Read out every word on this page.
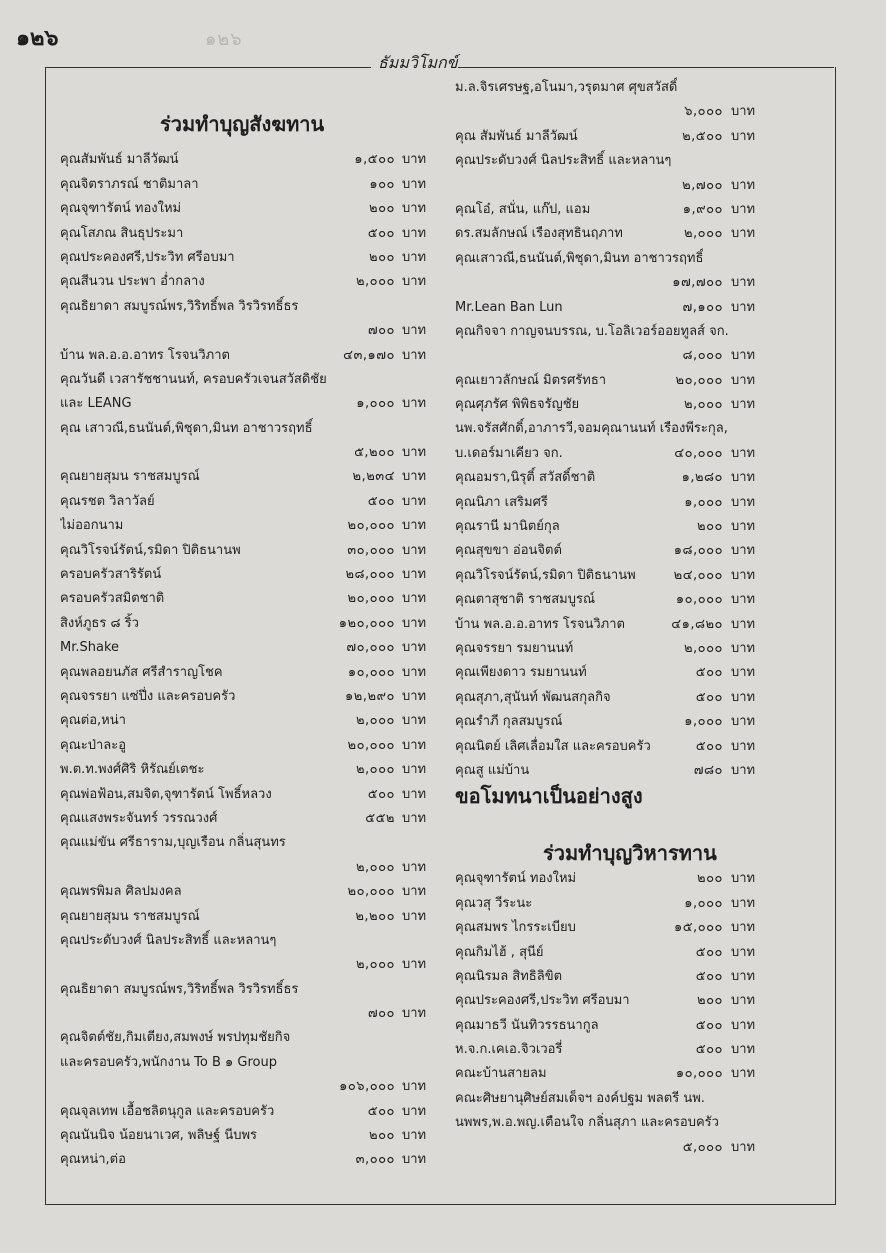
๑๒๖	๑๒๖
ธัมมวิโมกข์
ร่วมทำบุญสังฆทาน
คุณสัมพันธ์ มาลีวัฒน์	๑,๕๐๐ บาท
คุณจิตราภรณ์ ชาติมาลา	๑๐๐ บาท
คุณจุฑารัตน์ ทองใหม่	๒๐๐ บาท
คุณโสภณ สินธุประมา	๕๐๐ บาท
คุณประคองศรี,ประวิท ศรีอบมา	๒๐๐ บาท
คุณสีนวน ประพา อ่ำกลาง	๒,๐๐๐ บาท
คุณธิยาดา สมบูรณ์พร,วิริทธิ์พล วิรวิรทธิ์ธร
๗๐๐ บาท
บ้าน พล.อ.อ.อาทร โรจนวิภาต	๔๓,๑๗๐ บาท
คุณวันดี เวสารัชชานนท์, ครอบครัวเจนสวัสดิชัย
และ LEANG	๑,๐๐๐ บาท
คุณ เสาวณี,ธนนันต์,พิชุดา,มินท อาชาวรฤทธิ์
๕,๒๐๐ บาท
คุณยายสุมน ราชสมบูรณ์	๒,๒๓๔ บาท
คุณรชต วิลาวัลย์	๕๐๐ บาท
ไม่ออกนาม	๒๐,๐๐๐ บาท
คุณวิโรจน์รัตน์,รมิดา ปิติธนานพ	๓๐,๐๐๐ บาท
ครอบครัวสาริรัตน์	๒๘,๐๐๐ บาท
ครอบครัวสมิตชาติ	๒๐,๐๐๐ บาท
สิงห์ภูธร ๘ ริ้ว	๑๒๐,๐๐๐ บาท
Mr.Shake	๗๐,๐๐๐ บาท
คุณพลอยนภัส ศรีสำราญโชค	๑๐,๐๐๐ บาท
คุณจรรยา แซ่ปึ่ง และครอบครัว	๑๒,๒๙๐ บาท
คุณต่อ,หน่า	๒,๐๐๐ บาท
คุณะป่าละอู	๒๐,๐๐๐ บาท
พ.ต.ท.พงศ์ศิริ หิรัณย์เตชะ	๒,๐๐๐ บาท
คุณพ่อฟ้อน,สมจิต,จุฑารัตน์ โพธิ์หลวง	๕๐๐ บาท
คุณแสงพระจันทร์ วรรณวงศ์	๕๕๒ บาท
คุณแม่ขัน ศรีธาราม,บุญเรือน กลิ่นสุนทร
๒,๐๐๐ บาท
คุณพรพิมล ศิลปมงคล	๒๐,๐๐๐ บาท
คุณยายสุมน ราชสมบูรณ์	๒,๒๐๐ บาท
คุณประดับวงศ์ นิลประสิทธิ์ และหลานๆ
๒,๐๐๐ บาท
คุณธิยาดา สมบูรณ์พร,วิริทธิ์พล วิรวิรทธิ์ธร
๗๐๐ บาท
คุณจิตต์ชัย,กิมเตียง,สมพงษ์ พรปทุมชัยกิจ
และครอบครัว,พนักงาน To B ๑ Group
๑๐๖,๐๐๐ บาท
คุณจุลเทพ เอื้อชลิตนุกูล และครอบครัว	๕๐๐ บาท
คุณนันนิจ น้อยนาเวศ, พลิษฐ์ นีบพร	๒๐๐ บาท
คุณหน่า,ต่อ	๓,๐๐๐ บาท
ม.ล.จิรเศรษฐ,อโนมา,วรุตมาศ ศุขสวัสดิ์
๖,๐๐๐ บาท
คุณ สัมพันธ์ มาลีวัฒน์	๒,๕๐๐ บาท
คุณประดับวงศ์ นิลประสิทธิ์ และหลานๆ
๒,๗๐๐ บาท
คุณโอ๋, สนั่น, แก๊ป, แอม	๑,๙๐๐ บาท
ดร.สมลักษณ์ เรืองสุทธินฤภาท	๒,๐๐๐ บาท
คุณเสาวณี,ธนนันต์,พิชุดา,มินท อาชาวรฤทธิ์
๑๗,๗๐๐ บาท
Mr.Lean Ban Lun	๗,๑๐๐ บาท
คุณกิจจา กาญจนบรรณ, บ.โอลิเวอร์ออยทูลส์ จก.
๘,๐๐๐ บาท
คุณเยาวลักษณ์ มิตรศรัทธา	๒๐,๐๐๐ บาท
คุณศุภรัศ พิพิธจรัญชัย	๒,๐๐๐ บาท
นพ.จรัสศักดิ์,อาภารวี,จอมคุณานนท์ เรืองพีระกุล,
บ.เดอร์มาเคียว จก.	๔๐,๐๐๐ บาท
คุณอมรา,นิรุติ์ สวัสดิ์ชาติ	๑,๒๘๐ บาท
คุณนิภา เสริมศรี	๑,๐๐๐ บาท
คุณรานี มานิตย์กุล	๒๐๐ บาท
คุณสุขขา อ่อนจิตต์	๑๘,๐๐๐ บาท
คุณวิโรจน์รัตน์,รมิดา ปิติธนานพ	๒๔,๐๐๐ บาท
คุณตาสุชาติ ราชสมบูรณ์	๑๐,๐๐๐ บาท
บ้าน พล.อ.อ.อาทร โรจนวิภาต	๔๑,๘๒๐ บาท
คุณจรรยา รมยานนท์	๒,๐๐๐ บาท
คุณเพียงดาว รมยานนท์	๕๐๐ บาท
คุณสุภา,สุนันท์ พัฒนสกุลกิจ	๕๐๐ บาท
คุณรำภี กุลสมบูรณ์	๑,๐๐๐ บาท
คุณนิตย์ เลิศเลื่อมใส และครอบครัว	๕๐๐ บาท
คุณสู แม่บ้าน	๗๘๐ บาท
ขอโมทนาเป็นอย่างสูง
ร่วมทำบุญวิหารทาน
คุณจุฑารัตน์ ทองใหม่	๒๐๐ บาท
คุณวสุ วีระนะ	๑,๐๐๐ บาท
คุณสมพร ไกรระเบียบ	๑๕,๐๐๐ บาท
คุณกิมไฮ้ , สุนีย์	๕๐๐ บาท
คุณนิรมล สิทธิลิขิต	๕๐๐ บาท
คุณประคองศรี,ประวิท ศรีอบมา	๒๐๐ บาท
คุณมาธวี นันทิวรรธนากูล	๕๐๐ บาท
ห.จ.ก.เคเอ.จิวเวอรี่	๕๐๐ บาท
คณะบ้านสายลม	๑๐,๐๐๐ บาท
คณะศิษยานุศิษย์สมเด็จฯ องค์ปฐม พลตรี นพ.
นพพร,พ.อ.พญ.เตือนใจ กลิ่นสุภา และครอบครัว
๕,๐๐๐ บาท
